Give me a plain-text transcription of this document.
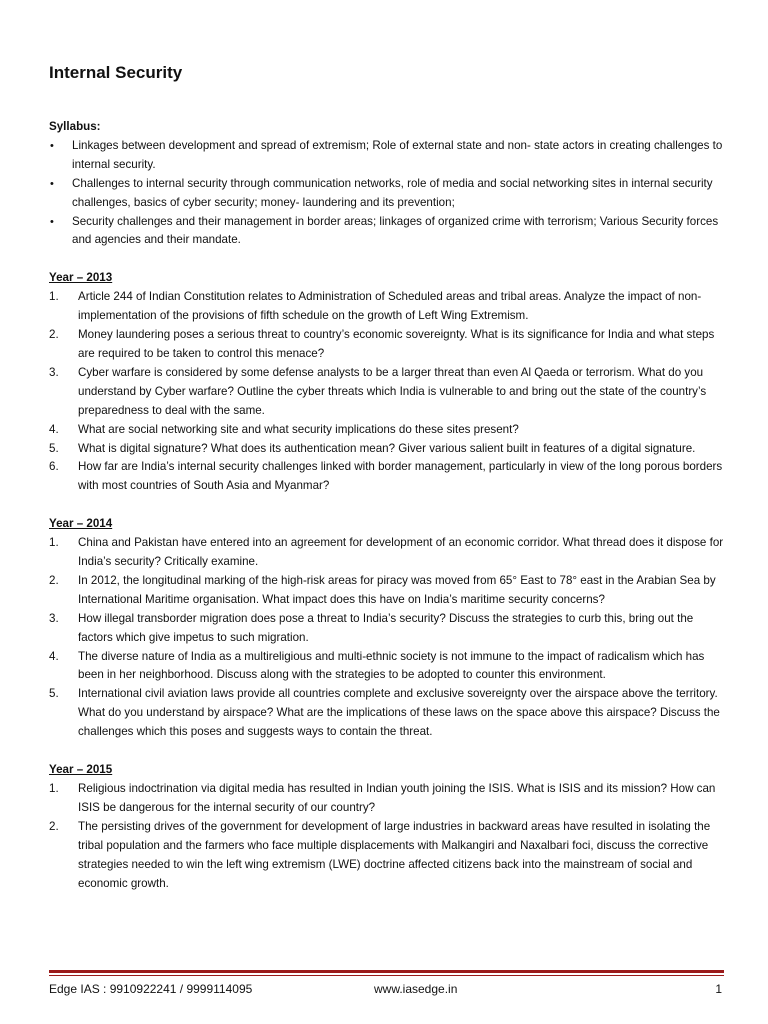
Internal Security

Syllabus:

• Linkages between development and spread of extremism; Role of external state and non- state actors in creating challenges to internal security.
• Challenges to internal security through communication networks, role of media and social networking sites in internal security challenges, basics of cyber security; money- laundering and its prevention;
• Security challenges and their management in border areas; linkages of organized crime with terrorism; Various Security forces and agencies and their mandate.

Year – 2013

1. Article 244 of Indian Constitution relates to Administration of Scheduled areas and tribal areas. Analyze the impact of non-implementation of the provisions of fifth schedule on the growth of Left Wing Extremism.
2. Money laundering poses a serious threat to country’s economic sovereignty. What is its significance for India and what steps are required to be taken to control this menace?
3. Cyber warfare is considered by some defense analysts to be a larger threat than even Al Qaeda or terrorism. What do you understand by Cyber warfare? Outline the cyber threats which India is vulnerable to and bring out the state of the country’s preparedness to deal with the same.
4. What are social networking site and what security implications do these sites present?
5. What is digital signature? What does its authentication mean? Giver various salient built in features of a digital signature.
6. How far are India’s internal security challenges linked with border management, particularly in view of the long porous borders with most countries of South Asia and Myanmar?

Year – 2014

1. China and Pakistan have entered into an agreement for development of an economic corridor. What thread does it dispose for India’s security? Critically examine.
2. In 2012, the longitudinal marking of the high-risk areas for piracy was moved from 65° East to 78° east in the Arabian Sea by International Maritime organisation. What impact does this have on India’s maritime security concerns?
3. How illegal transborder migration does pose a threat to India’s security? Discuss the strategies to curb this, bring out the factors which give impetus to such migration.
4. The diverse nature of India as a multireligious and multi-ethnic society is not immune to the impact of radicalism which has been in her neighborhood. Discuss along with the strategies to be adopted to counter this environment.
5. International civil aviation laws provide all countries complete and exclusive sovereignty over the airspace above the territory. What do you understand by airspace? What are the implications of these laws on the space above this airspace? Discuss the challenges which this poses and suggests ways to contain the threat.

Year – 2015

1. Religious indoctrination via digital media has resulted in Indian youth joining the ISIS. What is ISIS and its mission? How can ISIS be dangerous for the internal security of our country?
2. The persisting drives of the government for development of large industries in backward areas have resulted in isolating the tribal population and the farmers who face multiple displacements with Malkangiri and Naxalbari foci, discuss the corrective strategies needed to win the left wing extremism (LWE) doctrine affected citizens back into the mainstream of social and economic growth.
Edge IAS : 9910922241 / 9999114095	www.iasedge.in	1
